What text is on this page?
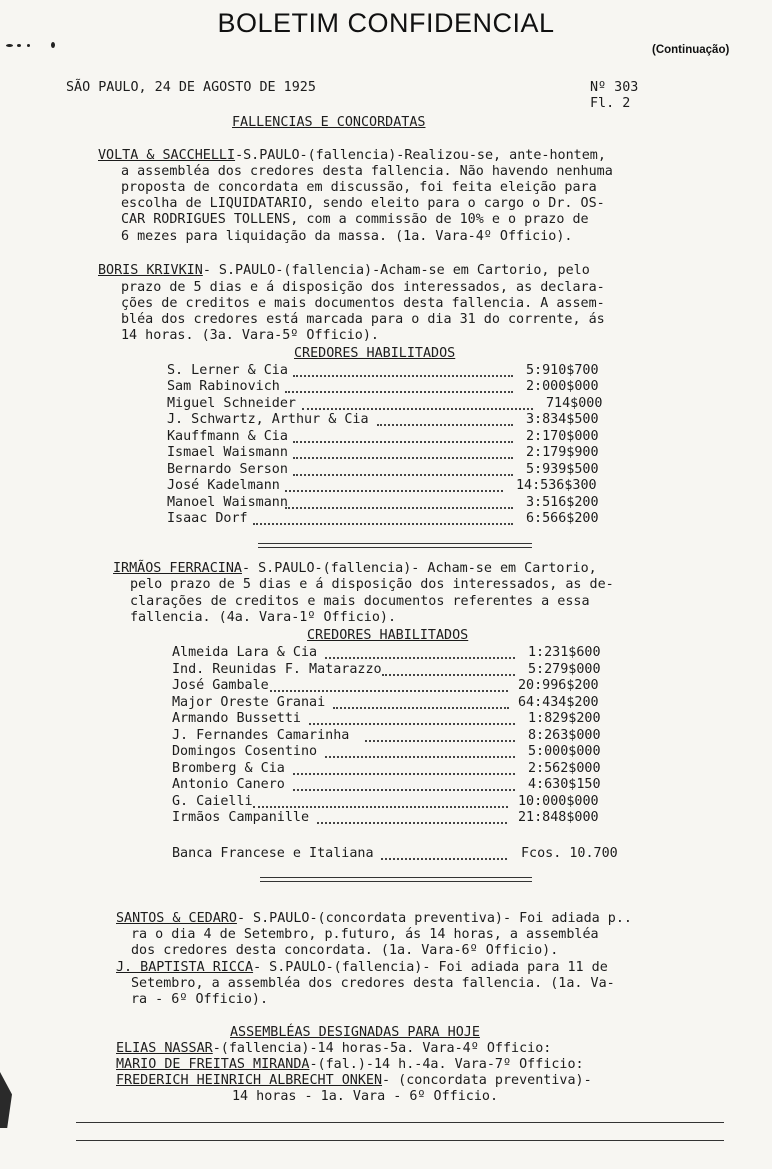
BOLETIM CONFIDENCIAL
(Continuação)
SÃO PAULO, 24 DE AGOSTO DE 1925	Nº 303
Fl. 2
FALLENCIAS E CONCORDATAS
VOLTA & SACCHELLI-S.PAULO-(fallencia)-Realizou-se, ante-hontem,
a assembléa dos credores desta fallencia. Não havendo nenhuma
proposta de concordata em discussão, foi feita eleição para
escolha de LIQUIDATARIO, sendo eleito para o cargo o Dr. OS-
CAR RODRIGUES TOLLENS, com a commissão de 10% e o prazo de
6 mezes para liquidação da massa. (1a. Vara-4º Officio).
BORIS KRIVKIN- S.PAULO-(fallencia)-Acham-se em Cartorio, pelo
prazo de 5 dias e á disposição dos interessados, as declara-
ções de creditos e mais documentos desta fallencia. A assem-
bléa dos credores está marcada para o dia 31 do corrente, ás
14 horas. (3a. Vara-5º Officio).
CREDORES HABILITADOS
S. Lerner & Cia	5:910$700
Sam Rabinovich	2:000$000
Miguel Schneider	714$000
J. Schwartz, Arthur & Cia	3:834$500
Kauffmann & Cia	2:170$000
Ismael Waismann	2:179$900
Bernardo Serson	5:939$500
José Kadelmann	14:536$300
Manoel Waismann	3:516$200
Isaac Dorf	6:566$200
IRMÃOS FERRACINA- S.PAULO-(fallencia)- Acham-se em Cartorio,
pelo prazo de 5 dias e á disposição dos interessados, as de-
clarações de creditos e mais documentos referentes a essa
fallencia. (4a. Vara-1º Officio).
CREDORES HABILITADOS
Almeida Lara & Cia	1:231$600
Ind. Reunidas F. Matarazzo	5:279$000
José Gambale	20:996$200
Major Oreste Granai	64:434$200
Armando Bussetti	1:829$200
J. Fernandes Camarinha	8:263$000
Domingos Cosentino	5:000$000
Bromberg & Cia	2:562$000
Antonio Canero	4:630$150
G. Caielli	10:000$000
Irmãos Campanille	21:848$000
Banca Francese e Italiana	Fcos. 10.700
SANTOS & CEDARO- S.PAULO-(concordata preventiva)- Foi adiada p..
ra o dia 4 de Setembro, p.futuro, ás 14 horas, a assembléa
dos credores desta concordata. (1a. Vara-6º Officio).
J. BAPTISTA RICCA- S.PAULO-(fallencia)- Foi adiada para 11 de
Setembro, a assembléa dos credores desta fallencia. (1a. Va-
ra - 6º Officio).
ASSEMBLÉAS DESIGNADAS PARA HOJE
ELIAS NASSAR-(fallencia)-14 horas-5a. Vara-4º Officio:
MARIO DE FREITAS MIRANDA-(fal.)-14 h.-4a. Vara-7º Officio:
FREDERICH HEINRICH ALBRECHT ONKEN- (concordata preventiva)-
14 horas - 1a. Vara - 6º Officio.
